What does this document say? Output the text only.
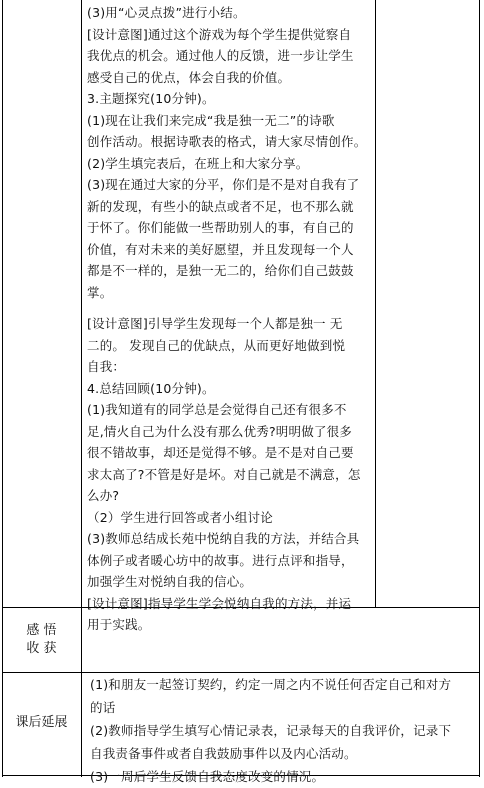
(3)用“心灵点拨”进行小结。
[设计意图]通过这个游戏为每个学生提供觉察自
我优点的机会。通过他人的反馈，进一步让学生
感受自己的优点，体会自我的价值。
3.主题探究(10分钟)。
(1)现在让我们来完成“我是独一无二”的诗歌
创作活动。根据诗歌表的格式，请大家尽情创作。
(2)学生填完表后，在班上和大家分享。
(3)现在通过大家的分平，你们是不是对自我有了
新的发现，有些小的缺点或者不足，也不那么就
于怀了。你们能做一些帮助别人的事，有自己的
价值，有对未来的美好愿望，并且发现每一个人
都是不一样的，是独一无二的，给你们自己鼓鼓
掌。
[设计意图]引导学生发现每一个人都是独一 无
二的。 发现自己的优缺点，从而更好地做到悦
自我：
4.总结回顾(10分钟)。
(1)我知道有的同学总是会觉得自己还有很多不
足,情火自己为什么没有那么优秀?明明做了很多
很不错故事，却还是觉得不够。是不是对自己要
求太高了?不管是好是坏。对自己就是不满意，怎
么办?
（2）学生进行回答或者小组讨论
(3)教师总结成长苑中悦纳自我的方法，并结合具
体例子或者暖心坊中的故事。进行点评和指导，
加强学生对悦纳自我的信心。
[设计意图]指导学生学会悦纳自我的方法，并运
用于实践。
感 悟
收 获
课后延展
(1)和朋友一起签订契约，约定一周之内不说任何否定自己和对方
的话
(2)教师指导学生填写心情记录表，记录每天的自我评价，记录下
自我责备事件或者自我鼓励事件以及内心活动。
(3)一周后学生反馈自我态度改变的情况。
